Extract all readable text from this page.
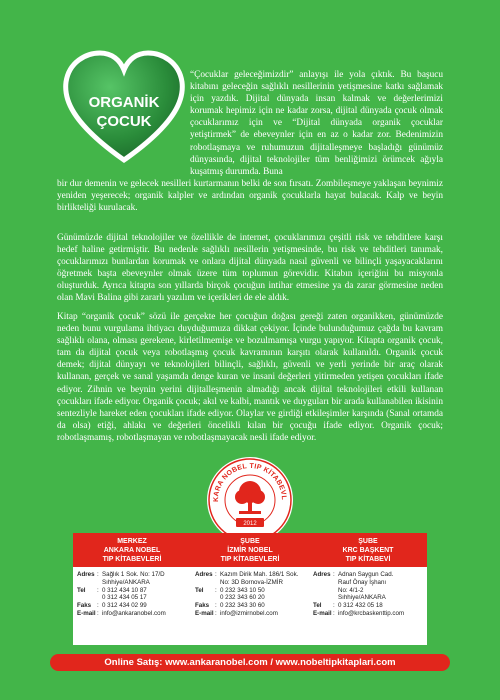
ORGANİK
ÇOCUK

“Çocuklar geleceğimizdir” anlayışı ile yola çıktık. Bu başucu kitabını geleceğin sağlıklı nesillerinin yetişmesine katkı sağlamak için yazdık. Dijital dünyada insan kalmak ve değerlerimizi korumak hepimiz için ne kadar zorsa, dijital dünyada çocuk olmak çocuklarımız için ve “Dijital dünyada organik çocuklar yetiştirmek” de ebeveynler için en az o kadar zor. Bedenimizin robotlaşmaya ve ruhumuzun dijitalleşmeye başladığı günümüz dünyasında, dijital teknolojiler tüm benliğimizi örümcek ağıyla kuşatmış durumda. Buna

bir dur demenin ve gelecek nesilleri kurtarmanın belki de son fırsatı. Zombileşmeye yaklaşan beynimiz yeniden yeşerecek; organik kalpler ve ardından organik çocuklarla hayat bulacak. Kalp ve beyin birlikteliği kurulacak.

Günümüzde dijital teknolojiler ve özellikle de internet, çocuklarımızı çeşitli risk ve tehditlere karşı hedef haline getirmiştir. Bu nedenle sağlıklı nesillerin yetişmesinde, bu risk ve tehditleri tanımak, çocuklarımızı bunlardan korumak ve onlara dijital dünyada nasıl güvenli ve bilinçli yaşayacaklarını öğretmek başta ebeveynler olmak üzere tüm toplumun görevidir. Kitabın içeriğini bu misyonla oluşturduk. Ayrıca kitapta son yıllarda birçok çocuğun intihar etmesine ya da zarar görmesine neden olan Mavi Balina gibi zararlı yazılım ve içerikleri de ele aldık.

Kitap “organik çocuk” sözü ile gerçekte her çocuğun doğası gereği zaten organikken, günümüzde neden bunu vurgulama ihtiyacı duyduğumuza dikkat çekiyor. İçinde bulunduğumuz çağda bu kavram sağlıklı olana, olması gerekene, kirletilmemişe ve bozulmamışa vurgu yapıyor. Kitapta organik çocuk, tam da dijital çocuk veya robotlaşmış çocuk kavramının karşıtı olarak kullanıldı. Organik çocuk demek; dijital dünyayı ve teknolojileri bilinçli, sağlıklı, güvenli ve yerli yerinde bir araç olarak kullanan, gerçek ve sanal yaşamda denge kuran ve insani değerleri yitirmeden yetişen çocukları ifade ediyor. Zihnin ve beynin yerini dijitalleşmenin almadığı ancak dijital teknolojileri etkili kullanan çocukları ifade ediyor. Organik çocuk; akıl ve kalbi, mantık ve duyguları bir arada kullanabilen ikisinin sentezliyle hareket eden çocukları ifade ediyor. Olaylar ve girdiği etkileşimler karşında (Sanal ortamda da olsa) etiği, ahlakı ve değerleri öncelikli kılan bir çocuğu ifade ediyor. Organik çocuk; robotlaşmamış, robotlaşmayan ve robotlaşmayacak nesli ifade ediyor.

KARA NOBEL TIP KİTABEVL
2012
MERKEZ
ANKARA NOBEL
TIP KİTABEVLERİ
Adres : Sağlık 1 Sok. No: 17/D
Sıhhiye/ANKARA
Tel	: 0 312 434 10 87
0 312 434 05 17
Faks : 0 312 434 02 99
E-mail : info@ankaranobel.com
ŞUBE
İZMİR NOBEL
TIP KİTABEVLERİ
Adres : Kazım Dirik Mah. 186/1 Sok.
No: 3D Bornova-İZMİR
Tel	: 0 232 343 10 50
0 232 343 60 20
Faks : 0 232 343 30 60
E-mail : info@izmirnobel.com
ŞUBE
KRC BAŞKENT
TIP KİTABEVİ
Adres : Adnan Saygun Cad.
Rauf Önay İşhanı
No: 4/1-2
Sıhhiye/ANKARA
Tel	: 0 312 432 05 18
E-mail : info@krcbaskenttip.com
Online Satış: www.ankaranobel.com / www.nobeltipkitaplari.com
